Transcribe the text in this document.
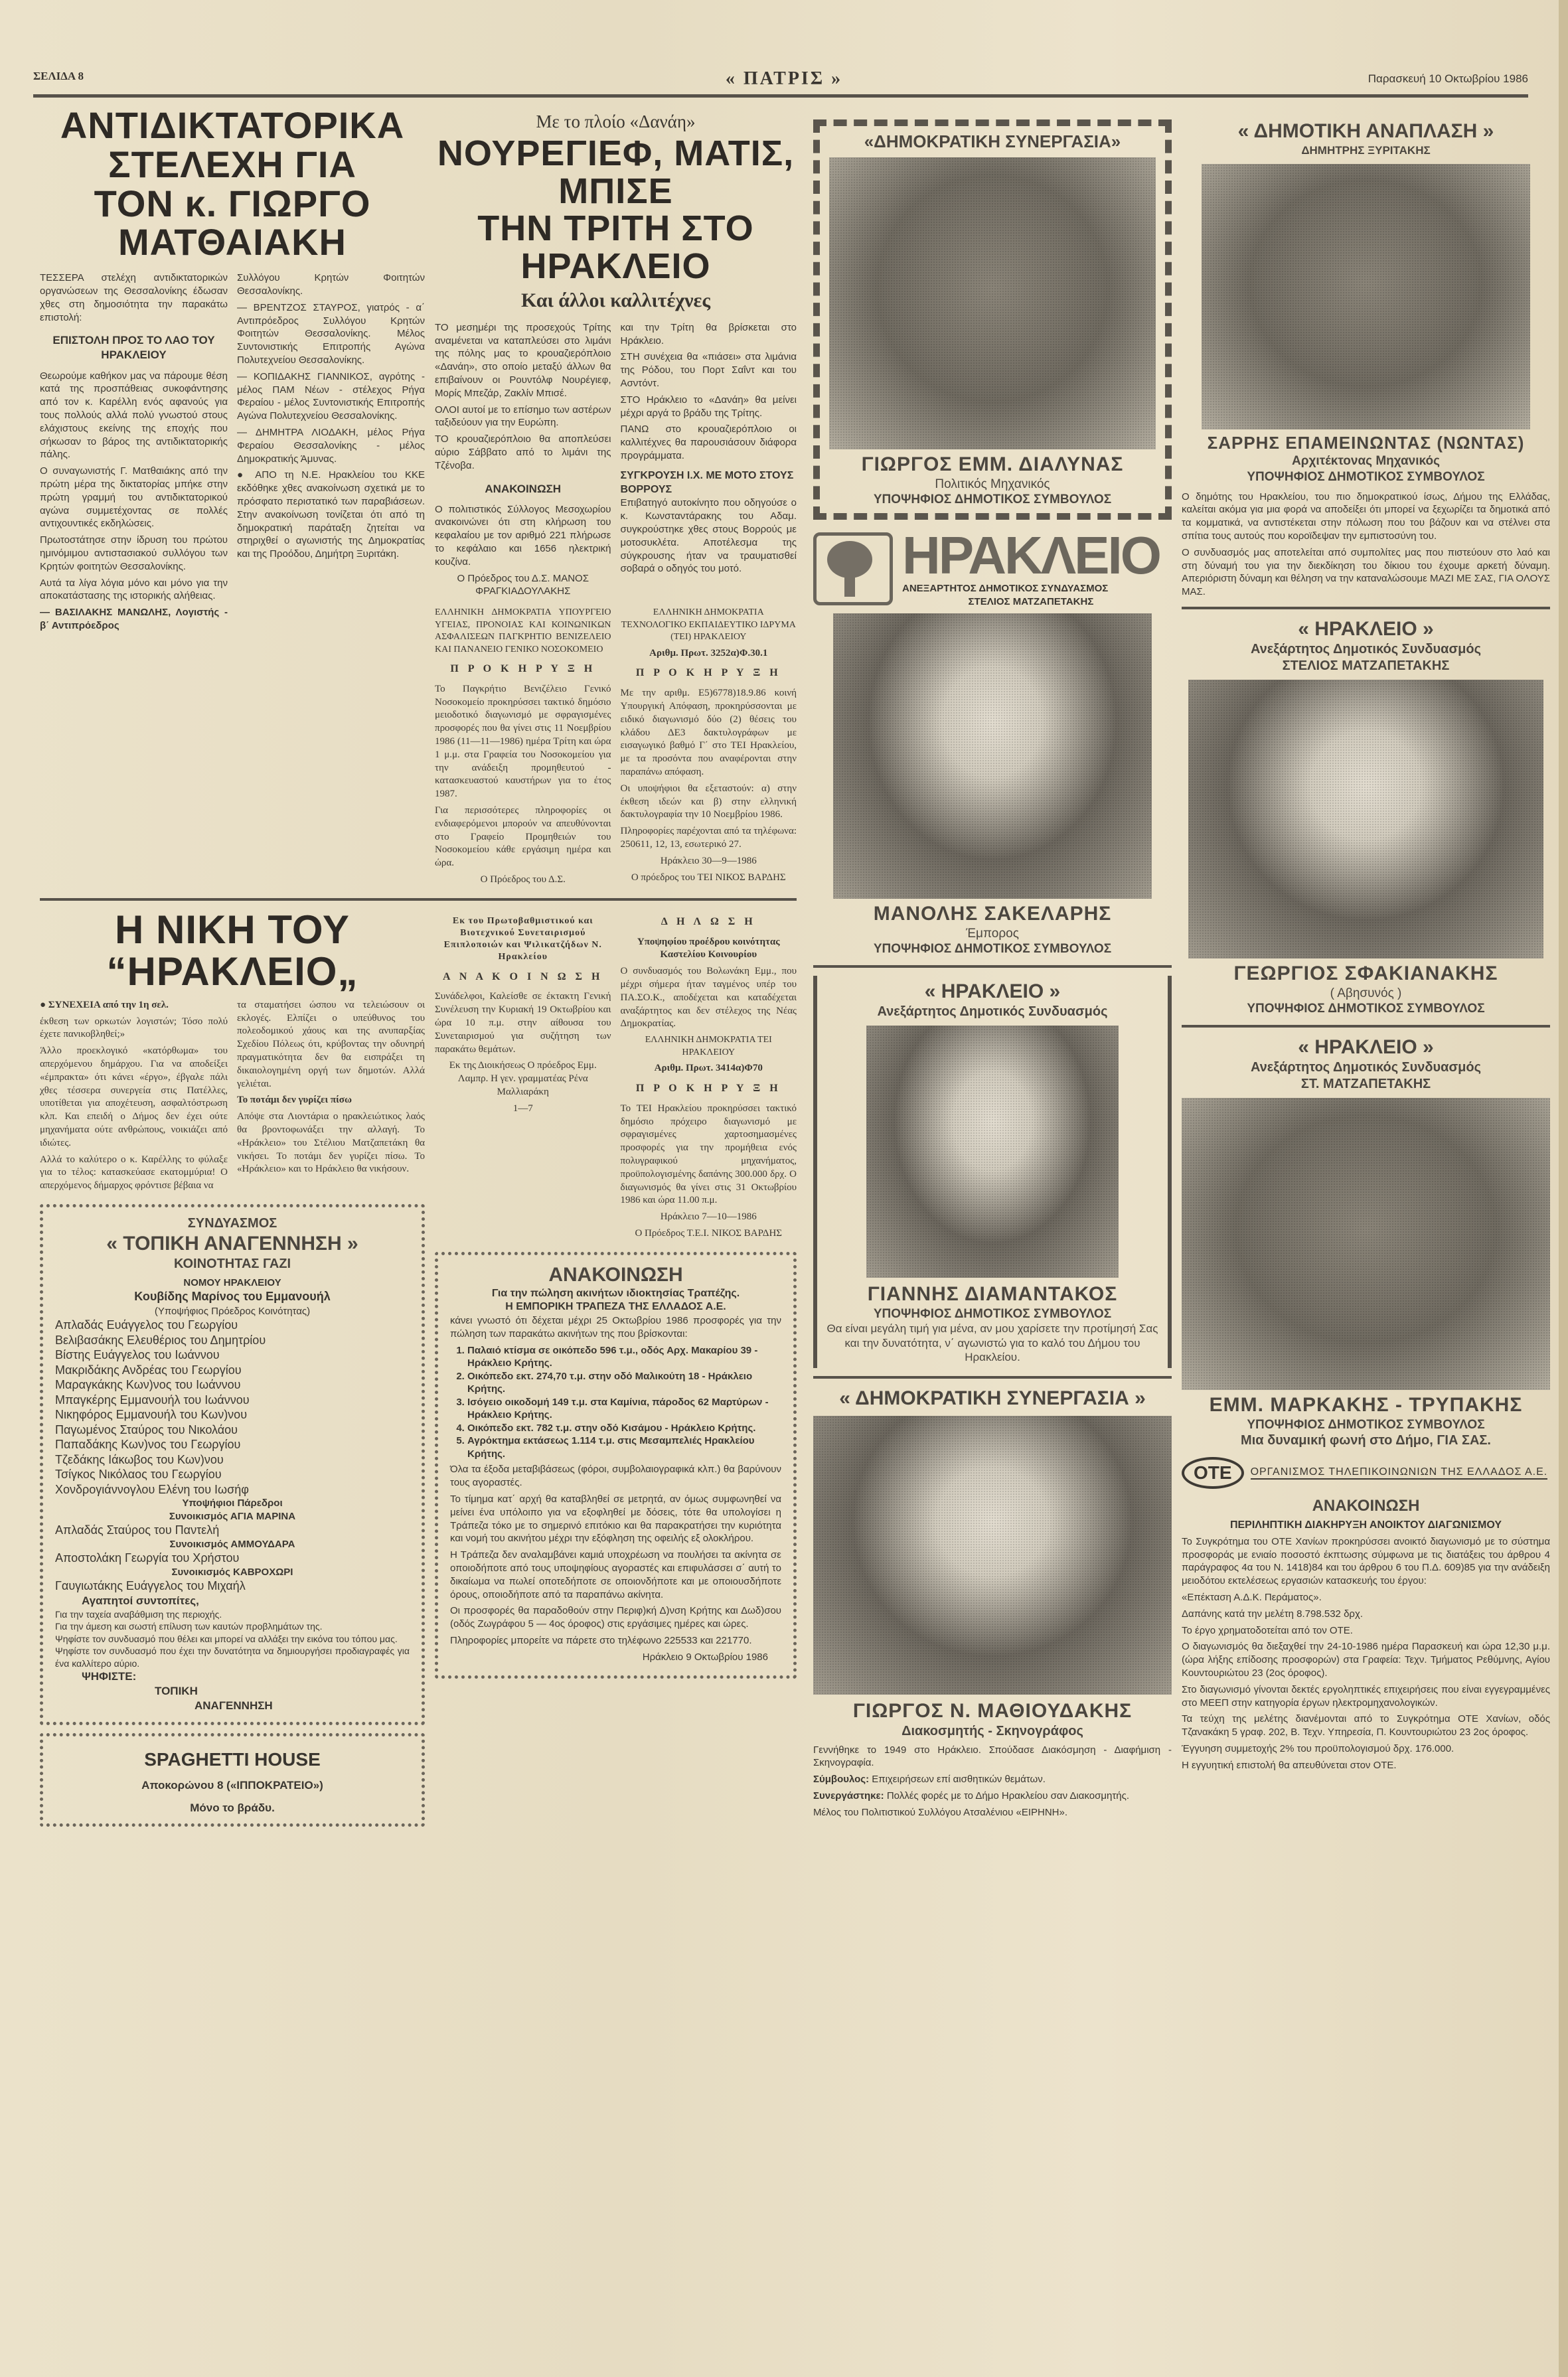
ΣΕΛΙΔΑ 8	« ΠΑΤΡΙΣ »	Παρασκευή 10 Οκτωβρίου 1986
ΑΝΤΙΔΙΚΤΑΤΟΡΙΚΑ ΣΤΕΛΕΧΗ ΓΙΑ
ΤΟΝ κ. ΓΙΩΡΓΟ ΜΑΤΘΑΙΑΚΗ

ΤΕΣΣΕΡΑ στελέχη αντιδικτατορικών οργανώσεων της Θεσσαλονίκης έδωσαν χθες στη δημοσιότητα την παρακάτω επιστολή:

ΕΠΙΣΤΟΛΗ ΠΡΟΣ ΤΟ ΛΑΟ ΤΟΥ ΗΡΑΚΛΕΙΟΥ

Θεωρούμε καθήκον μας να πάρουμε θέση κατά της προσπάθειας συκοφάντησης από τον κ. Καρέλλη ενός αφανούς για τους πολλούς αλλά πολύ γνωστού στους ελάχιστους εκείνης της εποχής που σήκωσαν το βάρος της αντιδικτατορικής πάλης.

Ο συναγωνιστής Γ. Ματθαιάκης από την πρώτη μέρα της δικτατορίας μπήκε στην πρώτη γραμμή του αντιδικτατορικού αγώνα συμμετέχοντας σε πολλές αντιχουντικές εκδηλώσεις.

Πρωτοστάτησε στην ίδρυση του πρώτου ημινόμιμου αντιστασιακού συλλόγου των Κρητών φοιτητών Θεσσαλονίκης.

Αυτά τα λίγα λόγια μόνο και μόνο για την αποκατάστασης της ιστορικής αλήθειας.

— ΒΑΣΙΛΑΚΗΣ ΜΑΝΩΛΗΣ, Λογιστής - β΄ Αντιπρόεδρος

Συλλόγου Κρητών Φοιτητών Θεσσαλονίκης.

— ΒΡΕΝΤΖΟΣ ΣΤΑΥΡΟΣ, γιατρός - α΄ Αντιπρόεδρος Συλλόγου Κρητών Φοιτητών Θεσσαλονίκης. Μέλος Συντονιστικής Επιτροπής Αγώνα Πολυτεχνείου Θεσσαλονίκης.

— ΚΟΠΙΔΑΚΗΣ ΓΙΑΝΝΙΚΟΣ, αγρότης - μέλος ΠΑΜ Νέων - στέλεχος Ρήγα Φεραίου - μέλος Συντονιστικής Επιτροπής Αγώνα Πολυτεχνείου Θεσσαλονίκης.

— ΔΗΜΗΤΡΑ ΛΙΟΔΑΚΗ, μέλος Ρήγα Φεραίου Θεσσαλονίκης - μέλος Δημοκρατικής Άμυνας.

● ΑΠΟ τη Ν.Ε. Ηρακλείου του ΚΚΕ εκδόθηκε χθες ανακοίνωση σχετικά με το πρόσφατο περιστατικό των παραβιάσεων. Στην ανακοίνωση τονίζεται ότι από τη δημοκρατική παράταξη ζητείται να στηριχθεί ο αγωνιστής της Δημοκρατίας και της Προόδου, Δημήτρη Ξυριτάκη.

Με το πλοίο «Δανάη»
ΝΟΥΡΕΓΙΕΦ, ΜΑΤΙΣ, ΜΠΙΣΕ
ΤΗΝ ΤΡΙΤΗ ΣΤΟ ΗΡΑΚΛΕΙΟ
Και άλλοι καλλιτέχνες

ΤΟ μεσημέρι της προσεχούς Τρίτης αναμένεται να καταπλεύσει στο λιμάνι της πόλης μας το κρουαζιερόπλοιο «Δανάη», στο οποίο μεταξύ άλλων θα επιβαίνουν οι Ρουντόλφ Νουρέγιεφ, Μορίς Μπεζάρ, Ζακλίν Μπισέ.

ΟΛΟΙ αυτοί με το επίσημο των αστέρων ταξιδεύουν για την Ευρώπη.

ΤΟ κρουαζιερόπλοιο θα αποπλεύσει αύριο Σάββατο από το λιμάνι της Τζένοβα.

ΑΝΑΚΟΙΝΩΣΗ

Ο πολιτιστικός Σύλλογος Μεσοχωρίου ανακοινώνει ότι στη κλήρωση του κεφαλαίου με τον αριθμό 221 πλήρωσε το κεφάλαιο και 1656 ηλεκτρική κουζίνα.

Ο Πρόεδρος του Δ.Σ. ΜΑΝΟΣ ΦΡΑΓΚΙΑΔΟΥΛΑΚΗΣ

και την Τρίτη θα βρίσκεται στο Ηράκλειο.

ΣΤΗ συνέχεια θα «πιάσει» στα λιμάνια της Ρόδου, του Πορτ Σαΐντ και του Ασντόντ.

ΣΤΟ Ηράκλειο το «Δανάη» θα μείνει μέχρι αργά το βράδυ της Τρίτης.

ΠΑΝΩ στο κρουαζιερόπλοιο οι καλλιτέχνες θα παρουσιάσουν διάφορα προγράμματα.

ΣΥΓΚΡΟΥΣΗ Ι.Χ. ΜΕ ΜΟΤΟ ΣΤΟΥΣ ΒΟΡΡΟΥΣ

Επιβατηγό αυτοκίνητο που οδηγούσε ο κ. Κωνσταντάρακης του Αδαμ. συγκρούστηκε χθες στους Βορρούς με μοτοσυκλέτα. Αποτέλεσμα της σύγκρουσης ήταν να τραυματισθεί σοβαρά ο οδηγός του μοτό.

ΕΛΛΗΝΙΚΗ ΔΗΜΟΚΡΑΤΙΑ ΥΠΟΥΡΓΕΙΟ ΥΓΕΙΑΣ, ΠΡΟΝΟΙΑΣ ΚΑΙ ΚΟΙΝΩΝΙΚΩΝ ΑΣΦΑΛΙΣΕΩΝ ΠΑΓΚΡΗΤΙΟ ΒΕΝΙΖΕΛΕΙΟ ΚΑΙ ΠΑΝΑΝΕΙΟ ΓΕΝΙΚΟ ΝΟΣΟΚΟΜΕΙΟ

Π Ρ Ο Κ Η Ρ Υ Ξ Η

Το Παγκρήτιο Βενιζέλειο Γενικό Νοσοκομείο προκηρύσσει τακτικό δημόσιο μειοδοτικό διαγωνισμό με σφραγισμένες προσφορές που θα γίνει στις 11 Νοεμβρίου 1986 (11—11—1986) ημέρα Τρίτη και ώρα 1 μ.μ. στα Γραφεία του Νοσοκομείου για την ανάδειξη προμηθευτού - κατασκευαστού καυστήρων για το έτος 1987.

Για περισσότερες πληροφορίες οι ενδιαφερόμενοι μπορούν να απευθύνονται στο Γραφείο Προμηθειών του Νοσοκομείου κάθε εργάσιμη ημέρα και ώρα.

Ο Πρόεδρος του Δ.Σ.

ΕΛΛΗΝΙΚΗ ΔΗΜΟΚΡΑΤΙΑ ΤΕΧΝΟΛΟΓΙΚΟ ΕΚΠΑΙΔΕΥΤΙΚΟ ΙΔΡΥΜΑ (ΤΕΙ) ΗΡΑΚΛΕΙΟΥ

Αριθμ. Πρωτ. 3252α)Φ.30.1

Π Ρ Ο Κ Η Ρ Υ Ξ Η

Με την αριθμ. Ε5)6778)18.9.86 κοινή Υπουργική Απόφαση, προκηρύσσονται με ειδικό διαγωνισμό δύο (2) θέσεις του κλάδου ΔΕ3 δακτυλογράφων με εισαγωγικό βαθμό Γ΄ στο ΤΕΙ Ηρακλείου, με τα προσόντα που αναφέρονται στην παραπάνω απόφαση.

Οι υποψήφιοι θα εξεταστούν: α) στην έκθεση ιδεών και β) στην ελληνική δακτυλογραφία την 10 Νοεμβρίου 1986.

Πληροφορίες παρέχονται από τα τηλέφωνα: 250611, 12, 13, εσωτερικό 27.

Ηράκλειο 30—9—1986

Ο πρόεδρος του ΤΕΙ ΝΙΚΟΣ ΒΑΡΔΗΣ

Η ΝΙΚΗ ΤΟΥ “ΗΡΑΚΛΕΙΟ„

● ΣΥΝΕΧΕΙΑ από την 1η σελ.

έκθεση των ορκωτών λογιστών; Τόσο πολύ έχετε πανικοβληθεί;»

Άλλο προεκλογικό «κατόρθωμα» του απερχόμενου δημάρχου. Για να αποδείξει «έμπρακτα» ότι κάνει «έργο», έβγαλε πάλι χθες τέσσερα συνεργεία στις Πατέλλες, υποτίθεται για αποχέτευση, ασφαλτόστρωση κλπ. Και επειδή ο Δήμος δεν έχει ούτε μηχανήματα ούτε ανθρώπους, νοικιάζει από ιδιώτες.

Αλλά το καλύτερο ο κ. Καρέλλης το φύλαξε για το τέλος: κατασκεύασε εκατομμύρια! Ο απερχόμενος δήμαρχος φρόντισε βέβαια να

τα σταματήσει ώσπου να τελειώσουν οι εκλογές. Ελπίζει ο υπεύθυνος του πολεοδομικού χάους και της ανυπαρξίας Σχεδίου Πόλεως ότι, κρύβοντας την οδυνηρή πραγματικότητα δεν θα εισπράξει τη δικαιολογημένη οργή των δημοτών. Αλλά γελιέται.

Το ποτάμι δεν γυρίζει πίσω

Απόψε στα Λιοντάρια ο ηρακλειώτικος λαός θα βροντοφωνάξει την αλλαγή. Το «Ηράκλειο» του Στέλιου Ματζαπετάκη θα νικήσει. Το ποτάμι δεν γυρίζει πίσω. Το «Ηράκλειο» και το Ηράκλειο θα νικήσουν.

ΣΥΝΔΥΑΣΜΟΣ
« ΤΟΠΙΚΗ ΑΝΑΓΕΝΝΗΣΗ »
ΚΟΙΝΟΤΗΤΑΣ ΓΑΖΙ
ΝΟΜΟΥ ΗΡΑΚΛΕΙΟΥ
Κουβίδης Μαρίνος του Εμμανουήλ
(Υποψήφιος Πρόεδρος Κοινότητας)
Απλαδάς Ευάγγελος του Γεωργίου
Βελιβασάκης Ελευθέριος του Δημητρίου
Βίστης Ευάγγελος του Ιωάννου
Μακριδάκης Ανδρέας του Γεωργίου
Μαραγκάκης Κων)νος του Ιωάννου
Μπαγκέρης Εμμανουήλ του Ιωάννου
Νικηφόρος Εμμανουήλ του Κων)νου
Παγωμένος Σταύρος του Νικολάου
Παπαδάκης Κων)νος του Γεωργίου
Τζεδάκης Ιάκωβος του Κων)νου
Τσίγκος Νικόλαος του Γεωργίου
Χονδρογιάννογλου Ελένη του Ιωσήφ
Υποψήφιοι Πάρεδροι
Συνοικισμός ΑΓΙΑ ΜΑΡΙΝΑ
Απλαδάς Σταύρος του Παντελή
Συνοικισμός ΑΜΜΟΥΔΑΡΑ
Αποστολάκη Γεωργία του Χρήστου
Συνοικισμός ΚΑΒΡΟΧΩΡΙ
Γαυγιωτάκης Ευάγγελος του Μιχαήλ
Αγαπητοί συντοπίτες,

Για την ταχεία αναβάθμιση της περιοχής.

Για την άμεση και σωστή επίλυση των καυτών προβλημάτων της.

Ψηφίστε τον συνδυασμό που θέλει και μπορεί να αλλάξει την εικόνα του τόπου μας.

Ψηφίστε τον συνδυασμό που έχει την δυνατότητα να δημιουργήσει προδιαγραφές για ένα καλλίτερο αύριο.

ΨΗΦΙΣΤΕ:
ΤΟΠΙΚΗ
ΑΝΑΓΕΝΝΗΣΗ
SPAGHETTI HOUSE
Αποκορώνου 8 («ΙΠΠΟΚΡΑΤΕΙΟ»)
Μόνο το βράδυ.
Εκ του Πρωτοβαθμιστικού και Βιοτεχνικού Συνεταιρισμού Επιπλοποιών και Ψιλικατζήδων Ν. Ηρακλείου
Α Ν Α Κ Ο Ι Ν Ω Σ Η

Συνάδελφοι, Καλείσθε σε έκτακτη Γενική Συνέλευση την Κυριακή 19 Οκτωβρίου και ώρα 10 π.μ. στην αίθουσα του Συνεταιρισμού για συζήτηση των παρακάτω θεμάτων.

Εκ της Διοικήσεως Ο πρόεδρος Εμμ. Λαμπρ. Η γεν. γραμματέας Ρένα Μαλλιαράκη

1—7

Δ Η Λ Ω Σ Η

Υποψηφίου προέδρου κοινότητας Καστελίου Κοινουρίου

Ο συνδυασμός του Βολωνάκη Εμμ., που μέχρι σήμερα ήταν ταγμένος υπέρ του ΠΑ.ΣΟ.Κ., αποδέχεται και καταδέχεται αναξάρτητος και δεν στέλεχος της Νέας Δημοκρατίας.

ΕΛΛΗΝΙΚΗ ΔΗΜΟΚΡΑΤΙΑ ΤΕΙ ΗΡΑΚΛΕΙΟΥ

Αριθμ. Πρωτ. 3414α)Φ70

Π Ρ Ο Κ Η Ρ Υ Ξ Η

Το ΤΕΙ Ηρακλείου προκηρύσσει τακτικό δημόσιο πρόχειρο διαγωνισμό με σφραγισμένες χαρτοσημασμένες προσφορές για την προμήθεια ενός πολυγραφικού μηχανήματος, προϋπολογισμένης δαπάνης 300.000 δρχ. Ο διαγωνισμός θα γίνει στις 31 Οκτωβρίου 1986 και ώρα 11.00 π.μ.

Ηράκλειο 7—10—1986

Ο Πρόεδρος Τ.Ε.Ι. ΝΙΚΟΣ ΒΑΡΔΗΣ

ΑΝΑΚΟΙΝΩΣΗ
Για την πώληση ακινήτων ιδιοκτησίας Τραπέζης.
Η ΕΜΠΟΡΙΚΗ ΤΡΑΠΕΖΑ ΤΗΣ ΕΛΛΑΔΟΣ Α.Ε.

κάνει γνωστό ότι δέχεται μέχρι 25 Οκτωβρίου 1986 προσφορές για την πώληση των παρακάτω ακινήτων της που βρίσκονται:

1. Παλαιό κτίσμα σε οικόπεδο 596 τ.μ., οδός Αρχ. Μακαρίου 39 - Ηράκλειο Κρήτης.
2. Οικόπεδο εκτ. 274,70 τ.μ. στην οδό Μαλικούτη 18 - Ηράκλειο Κρήτης.
3. Ισόγειο οικοδομή 149 τ.μ. στα Καμίνια, πάροδος 62 Μαρτύρων - Ηράκλειο Κρήτης.
4. Οικόπεδο εκτ. 782 τ.μ. στην οδό Κισάμου - Ηράκλειο Κρήτης.
5. Αγρόκτημα εκτάσεως 1.114 τ.μ. στις Μεσαμπελιές Ηρακλείου Κρήτης.

Όλα τα έξοδα μεταβιβάσεως (φόροι, συμβολαιογραφικά κλπ.) θα βαρύνουν τους αγοραστές.

Το τίμημα κατ΄ αρχή θα καταβληθεί σε μετρητά, αν όμως συμφωνηθεί να μείνει ένα υπόλοιπο για να εξοφληθεί με δόσεις, τότε θα υπολογίσει η Τράπεζα τόκο με το σημερινό επιτόκιο και θα παρακρατήσει την κυριότητα και νομή του ακινήτου μέχρι την εξόφληση της οφειλής εξ ολοκλήρου.

Η Τράπεζα δεν αναλαμβάνει καμιά υποχρέωση να πουλήσει τα ακίνητα σε οποιοδήποτε από τους υποψηφίους αγοραστές και επιφυλάσσει σ΄ αυτή το δικαίωμα να πωλεί οποτεδήποτε σε οποιονδήποτε και με οποιουσδήποτε όρους, οποιοδήποτε από τα παραπάνω ακίνητα.

Οι προσφορές θα παραδοθούν στην Περιφ)κή Δ)νση Κρήτης και Δωδ)σου (οδός Ζωγράφου 5 — 4ος όροφος) στις εργάσιμες ημέρες και ώρες.

Πληροφορίες μπορείτε να πάρετε στο τηλέφωνο 225533 και 221770.

Ηράκλειο 9 Οκτωβρίου 1986

«ΔΗΜΟΚΡΑΤΙΚΗ ΣΥΝΕΡΓΑΣΙΑ»
ΓΙΩΡΓΟΣ ΕΜΜ. ΔΙΑΛΥΝΑΣ
Πολιτικός Μηχανικός
ΥΠΟΨΗΦΙΟΣ ΔΗΜΟΤΙΚΟΣ ΣΥΜΒΟΥΛΟΣ
ΗΡΑΚΛΕΙΟ
ΑΝΕΞΑΡΤΗΤΟΣ ΔΗΜΟΤΙΚΟΣ ΣΥΝΔΥΑΣΜΟΣ
ΣΤΕΛΙΟΣ ΜΑΤΖΑΠΕΤΑΚΗΣ
ΜΑΝΟΛΗΣ ΣΑΚΕΛΑΡΗΣ
Έμπορος
ΥΠΟΨΗΦΙΟΣ ΔΗΜΟΤΙΚΟΣ ΣΥΜΒΟΥΛΟΣ
« ΗΡΑΚΛΕΙΟ »
Ανεξάρτητος Δημοτικός Συνδυασμός
ΓΙΑΝΝΗΣ ΔΙΑΜΑΝΤΑΚΟΣ
ΥΠΟΨΗΦΙΟΣ ΔΗΜΟΤΙΚΟΣ ΣΥΜΒΟΥΛΟΣ
Θα είναι μεγάλη τιμή για μένα, αν μου χαρίσετε την προτίμησή Σας και την δυνατότητα, ν΄ αγωνιστώ για το καλό του Δήμου του Ηρακλείου.
« ΔΗΜΟΚΡΑΤΙΚΗ ΣΥΝΕΡΓΑΣΙΑ »
ΓΙΩΡΓΟΣ Ν. ΜΑΘΙΟΥΔΑΚΗΣ
Διακοσμητής - Σκηνογράφος

Γεννήθηκε το 1949 στο Ηράκλειο. Σπούδασε Διακόσμηση - Διαφήμιση - Σκηνογραφία.

Σύμβουλος: Επιχειρήσεων επί αισθητικών θεμάτων.

Συνεργάστηκε: Πολλές φορές με το Δήμο Ηρακλείου σαν Διακοσμητής.

Μέλος του Πολιτιστικού Συλλόγου Ατσαλένιου «ΕΙΡΗΝΗ».

« ΔΗΜΟΤΙΚΗ ΑΝΑΠΛΑΣΗ »
ΔΗΜΗΤΡΗΣ ΞΥΡΙΤΑΚΗΣ
ΣΑΡΡΗΣ ΕΠΑΜΕΙΝΩΝΤΑΣ (ΝΩΝΤΑΣ)
Αρχιτέκτονας Μηχανικός
ΥΠΟΨΗΦΙΟΣ ΔΗΜΟΤΙΚΟΣ ΣΥΜΒΟΥΛΟΣ

Ο δημότης του Ηρακλείου, του πιο δημοκρατικού ίσως, Δήμου της Ελλάδας, καλείται ακόμα για μια φορά να αποδείξει ότι μπορεί να ξεχωρίζει τα δημοτικά από τα κομματικά, να αντιστέκεται στην πόλωση που του βάζουν και να στέλνει στα σπίτια τους αυτούς που κοροϊδεψαν την εμπιστοσύνη του.

Ο συνδυασμός μας αποτελείται από συμπολίτες μας που πιστεύουν στο λαό και στη δύναμή του για την διεκδίκηση του δίκιου του έχουμε αρκετή δύναμη. Απεριόριστη δύναμη και θέληση να την καταναλώσουμε ΜΑΖΙ ΜΕ ΣΑΣ, ΓΙΑ ΟΛΟΥΣ ΜΑΣ.

« ΗΡΑΚΛΕΙΟ »
Ανεξάρτητος Δημοτικός Συνδυασμός
ΣΤΕΛΙΟΣ ΜΑΤΖΑΠΕΤΑΚΗΣ
ΓΕΩΡΓΙΟΣ ΣΦΑΚΙΑΝΑΚΗΣ
( Αβησυνός )
ΥΠΟΨΗΦΙΟΣ ΔΗΜΟΤΙΚΟΣ ΣΥΜΒΟΥΛΟΣ
« ΗΡΑΚΛΕΙΟ »
Ανεξάρτητος Δημοτικός Συνδυασμός
ΣΤ. ΜΑΤΖΑΠΕΤΑΚΗΣ
ΕΜΜ. ΜΑΡΚΑΚΗΣ - ΤΡΥΠΑΚΗΣ
ΥΠΟΨΗΦΙΟΣ ΔΗΜΟΤΙΚΟΣ ΣΥΜΒΟΥΛΟΣ
Μια δυναμική φωνή στο Δήμο, ΓΙΑ ΣΑΣ.
ΟΤΕ	ΟΡΓΑΝΙΣΜΟΣ ΤΗΛΕΠΙΚΟΙΝΩΝΙΩΝ ΤΗΣ ΕΛΛΑΔΟΣ Α.Ε.
ΑΝΑΚΟΙΝΩΣΗ
ΠΕΡΙΛΗΠΤΙΚΗ ΔΙΑΚΗΡΥΞΗ ΑΝΟΙΚΤΟΥ ΔΙΑΓΩΝΙΣΜΟΥ

Το Συγκρότημα του ΟΤΕ Χανίων προκηρύσσει ανοικτό διαγωνισμό με το σύστημα προσφοράς με ενιαίο ποσοστό έκπτωσης σύμφωνα με τις διατάξεις του άρθρου 4 παράγραφος 4α του Ν. 1418)84 και του άρθρου 6 του Π.Δ. 609)85 για την ανάδειξη μειοδότου εκτελέσεως εργασιών κατασκευής του έργου:

«Επέκταση Α.Δ.Κ. Περάματος».

Δαπάνης κατά την μελέτη 8.798.532 δρχ.

Το έργο χρηματοδοτείται από τον ΟΤΕ.

Ο διαγωνισμός θα διεξαχθεί την 24-10-1986 ημέρα Παρασκευή και ώρα 12,30 μ.μ. (ώρα λήξης επίδοσης προσφορών) στα Γραφεία: Τεχν. Τμήματος Ρεθύμνης, Αγίου Κουντουριώτου 23 (2ος όροφος).

Στο διαγωνισμό γίνονται δεκτές εργοληπτικές επιχειρήσεις που είναι εγγεγραμμένες στο ΜΕΕΠ στην κατηγορία έργων ηλεκτρομηχανολογικών.

Τα τεύχη της μελέτης διανέμονται από το Συγκρότημα ΟΤΕ Χανίων, οδός Τζανακάκη 5 γραφ. 202, Β. Τεχν. Υπηρεσία, Π. Κουντουριώτου 23 2ος όροφος.

Έγγυηση συμμετοχής 2% του προϋπολογισμού δρχ. 176.000.

Η εγγυητική επιστολή θα απευθύνεται στον ΟΤΕ.
